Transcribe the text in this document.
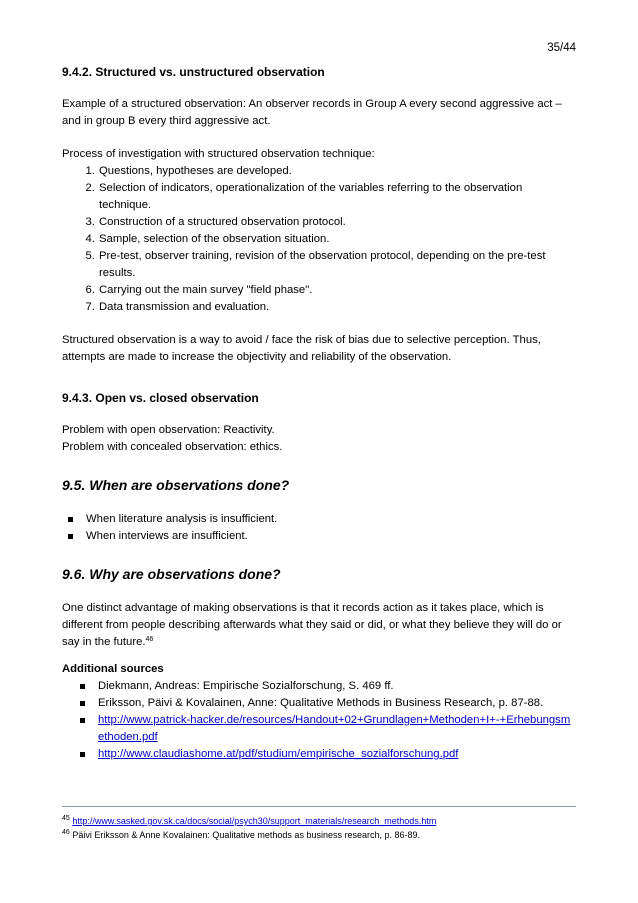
35/44
9.4.2. Structured vs. unstructured observation

Example of a structured observation: An observer records in Group A every second aggressive act – and in group B every third aggressive act.

Process of investigation with structured observation technique:

1. Questions, hypotheses are developed.
2. Selection of indicators, operationalization of the variables referring to the observation technique.
3. Construction of a structured observation protocol.
4. Sample, selection of the observation situation.
5. Pre-test, observer training, revision of the observation protocol, depending on the pre-test results.
6. Carrying out the main survey "field phase".
7. Data transmission and evaluation.

Structured observation is a way to avoid / face the risk of bias due to selective perception. Thus, attempts are made to increase the objectivity and reliability of the observation.

9.4.3. Open vs. closed observation

Problem with open observation: Reactivity.

Problem with concealed observation: ethics.

9.5. When are observations done?
When literature analysis is insufficient.
When interviews are insufficient.
9.6. Why are observations done?

One distinct advantage of making observations is that it records action as it takes place, which is different from people describing afterwards what they said or did, or what they believe they will do or say in the future.$^{46}$

Additional sources

Diekmann, Andreas: Empirische Sozialforschung, S. 469 ff.
Eriksson, Päivi & Kovalainen, Anne: Qualitative Methods in Business Research, p. 87-88.
http://www.patrick-hacker.de/resources/Handout+02+Grundlagen+Methoden+I+-+Erhebungsmethoden.pdf
http://www.claudiashome.at/pdf/studium/empirische_sozialforschung.pdf
$^{45}$ http://www.sasked.gov.sk.ca/docs/social/psych30/support_materials/research_methods.htm
$^{46}$ Päivi Eriksson & Anne Kovalainen: Qualitative methods as business research, p. 86-89.
